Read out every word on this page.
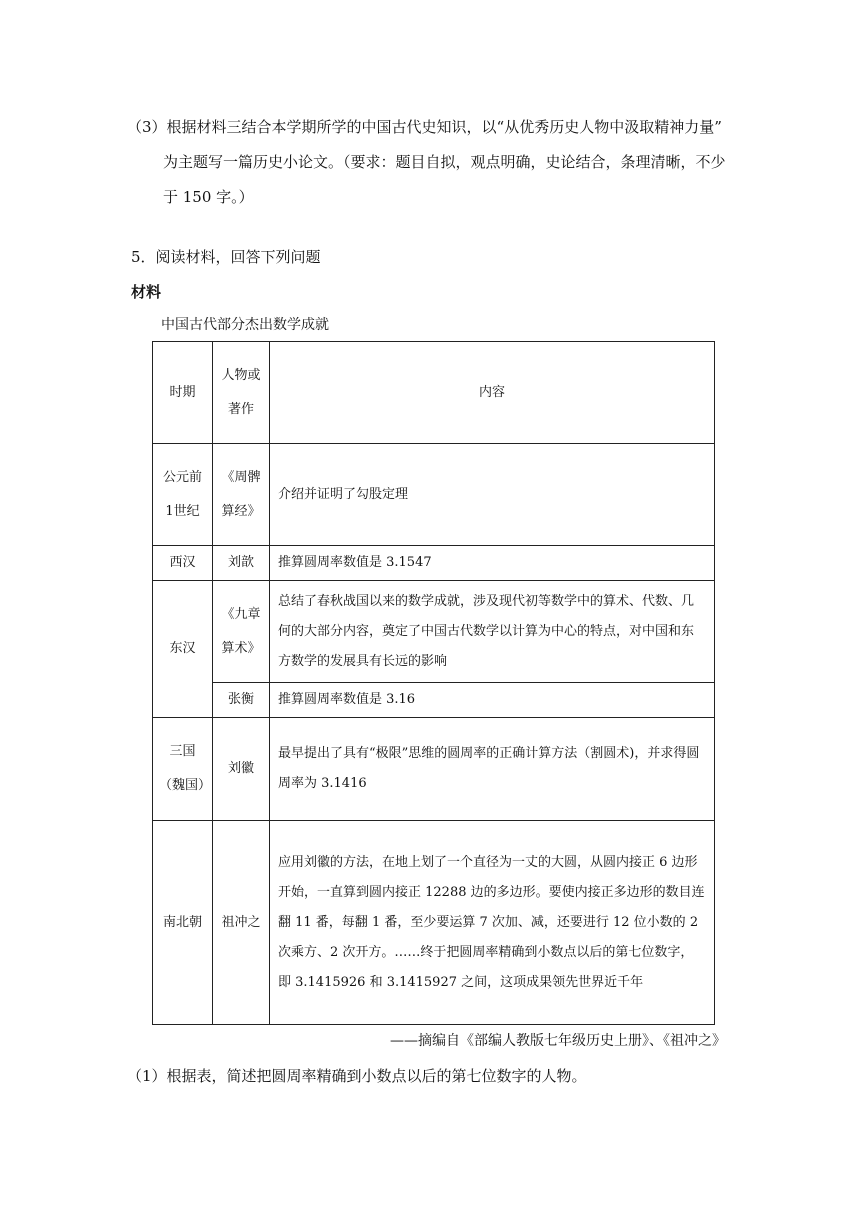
（3）根据材料三结合本学期所学的中国古代史知识，以“从优秀历史人物中汲取精神力量”
为主题写一篇历史小论文。（要求：题目自拟，观点明确，史论结合，条理清晰，不少
于 150 字。）
5．阅读材料，回答下列问题
材料
中国古代部分杰出数学成就
时期	人物或著作	内容
公元前1世纪	《周髀算经》	介绍并证明了勾股定理
西汉	刘歆	推算圆周率数值是 3.1547
东汉	《九章算术》	总结了春秋战国以来的数学成就，涉及现代初等数学中的算术、代数、几何的大部分内容，奠定了中国古代数学以计算为中心的特点，对中国和东方数学的发展具有长远的影响
	张衡	推算圆周率数值是 3.16
三国（魏国）	刘徽	最早提出了具有“极限”思维的圆周率的正确计算方法（割圆术)，并求得圆周率为 3.1416
南北朝	祖冲之	应用刘徽的方法，在地上划了一个直径为一丈的大圆，从圆内接正 6 边形开始，一直算到圆内接正 12288 边的多边形。要使内接正多边形的数目连翻 11 番，每翻 1 番，至少要运算 7 次加、减，还要进行 12 位小数的 2 次乘方、2 次开方。……终于把圆周率精确到小数点以后的第七位数字，即 3.1415926 和 3.1415927 之间，这项成果领先世界近千年
——摘编自《部编人教版七年级历史上册》、《祖冲之》
（1）根据表，简述把圆周率精确到小数点以后的第七位数字的人物。
